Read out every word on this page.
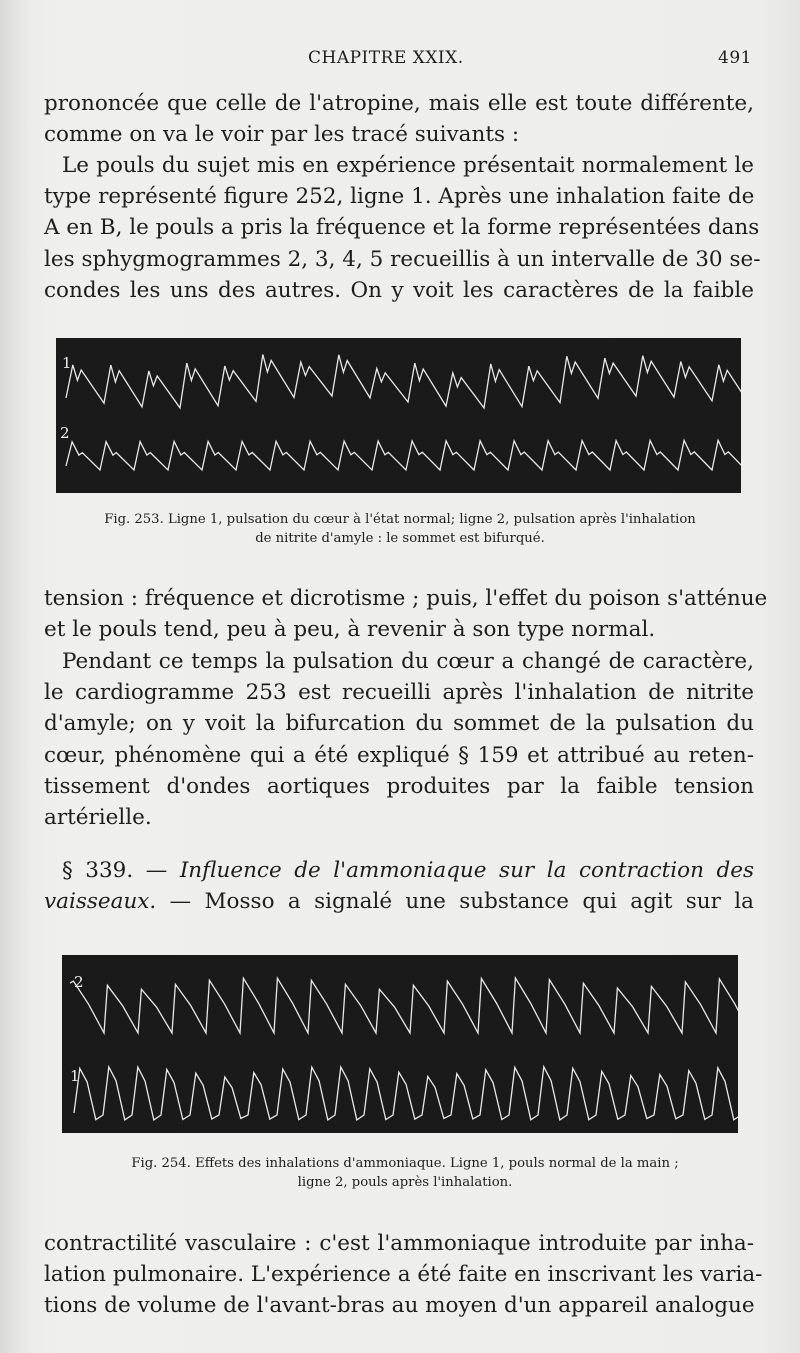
CHAPITRE XXIX.	491
prononcée que celle de l'atropine, mais elle est toute différente,
comme on va le voir par les tracé suivants :
Le pouls du sujet mis en expérience présentait normalement le
type représenté figure 252, ligne 1. Après une inhalation faite de
A en B, le pouls a pris la fréquence et la forme représentées dans
les sphygmogrammes 2, 3, 4, 5 recueillis à un intervalle de 30 se-
condes les uns des autres. On y voit les caractères de la faible
1
2
Fig. 253. Ligne 1, pulsation du cœur à l'état normal; ligne 2, pulsation après l'inhalation
de nitrite d'amyle : le sommet est bifurqué.
tension : fréquence et dicrotisme ; puis, l'effet du poison s'atténue
et le pouls tend, peu à peu, à revenir à son type normal.
Pendant ce temps la pulsation du cœur a changé de caractère,
le cardiogramme 253 est recueilli après l'inhalation de nitrite
d'amyle; on y voit la bifurcation du sommet de la pulsation du
cœur, phénomène qui a été expliqué § 159 et attribué au reten-
tissement d'ondes aortiques produites par la faible tension
artérielle.
§ 339. — Influence de l'ammoniaque sur la contraction des
vaisseaux. — Mosso a signalé une substance qui agit sur la
2
1
Fig. 254. Effets des inhalations d'ammoniaque. Ligne 1, pouls normal de la main ;
ligne 2, pouls après l'inhalation.
contractilité vasculaire : c'est l'ammoniaque introduite par inha-
lation pulmonaire. L'expérience a été faite en inscrivant les varia-
tions de volume de l'avant-bras au moyen d'un appareil analogue
